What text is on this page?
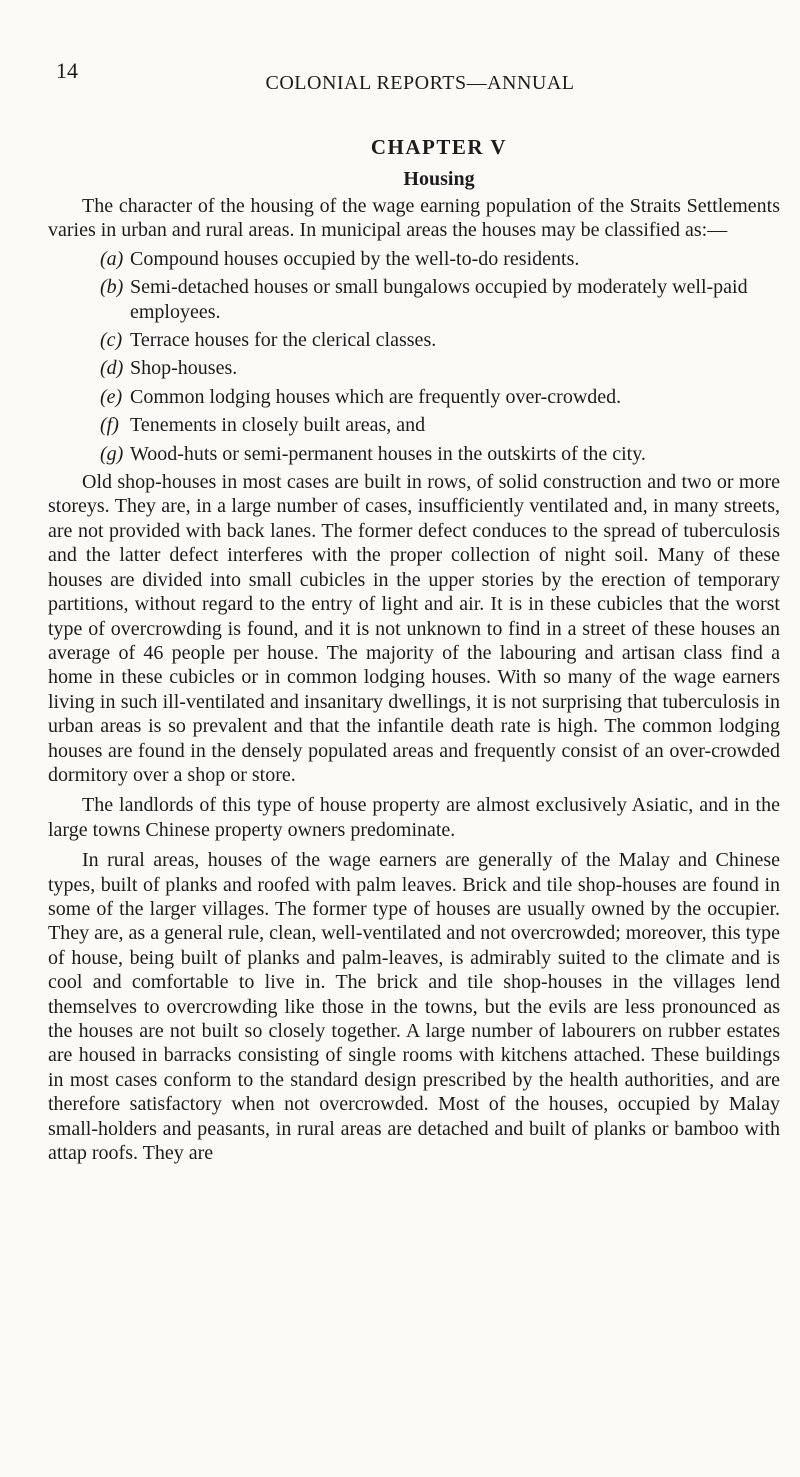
14	COLONIAL REPORTS—ANNUAL
CHAPTER V
Housing

The character of the housing of the wage earning population of the Straits Settlements varies in urban and rural areas. In municipal areas the houses may be classified as:—

(a) Compound houses occupied by the well-to-do residents.
(b) Semi-detached houses or small bungalows occupied by moderately well-paid employees.
(c) Terrace houses for the clerical classes.
(d) Shop-houses.
(e) Common lodging houses which are frequently over-crowded.
(f) Tenements in closely built areas, and
(g) Wood-huts or semi-permanent houses in the outskirts of the city.

Old shop-houses in most cases are built in rows, of solid construction and two or more storeys. They are, in a large number of cases, insufficiently ventilated and, in many streets, are not provided with back lanes. The former defect conduces to the spread of tuberculosis and the latter defect interferes with the proper collection of night soil. Many of these houses are divided into small cubicles in the upper stories by the erection of temporary partitions, without regard to the entry of light and air. It is in these cubicles that the worst type of overcrowding is found, and it is not unknown to find in a street of these houses an average of 46 people per house. The majority of the labouring and artisan class find a home in these cubicles or in common lodging houses. With so many of the wage earners living in such ill-ventilated and insanitary dwellings, it is not surprising that tuberculosis in urban areas is so prevalent and that the infantile death rate is high. The common lodging houses are found in the densely populated areas and frequently consist of an over-crowded dormitory over a shop or store.

The landlords of this type of house property are almost exclusively Asiatic, and in the large towns Chinese property owners predominate.

In rural areas, houses of the wage earners are generally of the Malay and Chinese types, built of planks and roofed with palm leaves. Brick and tile shop-houses are found in some of the larger villages. The former type of houses are usually owned by the occupier. They are, as a general rule, clean, well-ventilated and not overcrowded; moreover, this type of house, being built of planks and palm-leaves, is admirably suited to the climate and is cool and comfortable to live in. The brick and tile shop-houses in the villages lend themselves to overcrowding like those in the towns, but the evils are less pronounced as the houses are not built so closely together. A large number of labourers on rubber estates are housed in barracks consisting of single rooms with kitchens attached. These buildings in most cases conform to the standard design prescribed by the health authorities, and are therefore satisfactory when not overcrowded. Most of the houses, occupied by Malay small-holders and peasants, in rural areas are detached and built of planks or bamboo with attap roofs. They are
